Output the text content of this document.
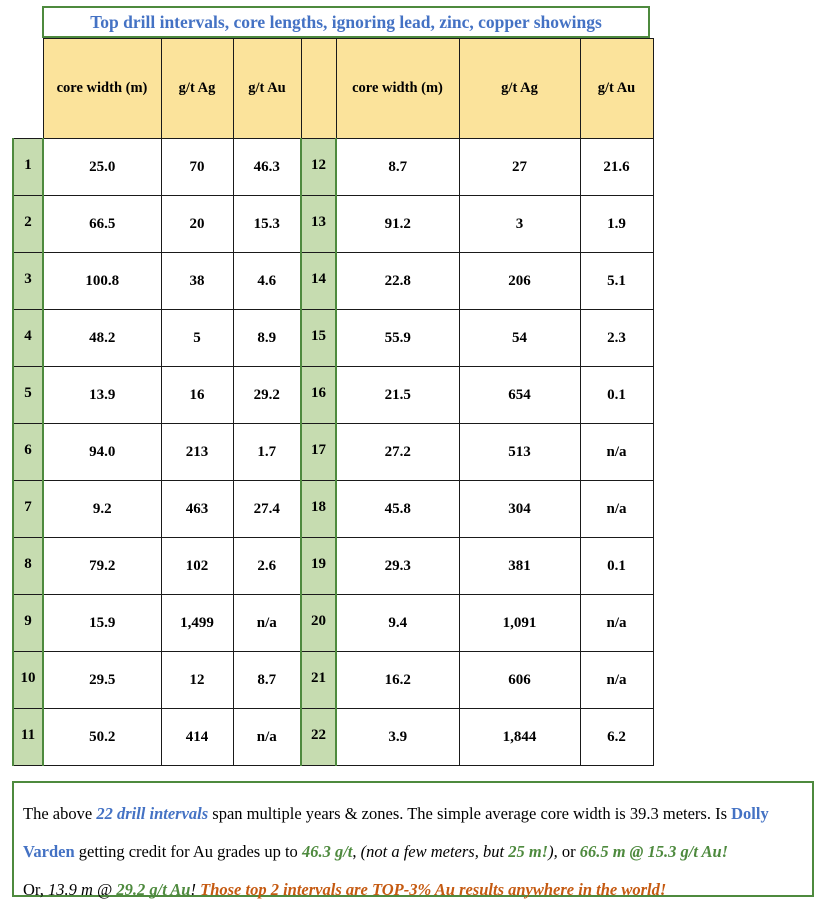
Top drill intervals, core lengths, ignoring lead, zinc, copper showings
	core width (m)	g/t Ag	g/t Au		core width (m)	g/t Ag	g/t Au
1	25.0	70	46.3	12	8.7	27	21.6
2	66.5	20	15.3	13	91.2	3	1.9
3	100.8	38	4.6	14	22.8	206	5.1
4	48.2	5	8.9	15	55.9	54	2.3
5	13.9	16	29.2	16	21.5	654	0.1
6	94.0	213	1.7	17	27.2	513	n/a
7	9.2	463	27.4	18	45.8	304	n/a
8	79.2	102	2.6	19	29.3	381	0.1
9	15.9	1,499	n/a	20	9.4	1,091	n/a
10	29.5	12	8.7	21	16.2	606	n/a
11	50.2	414	n/a	22	3.9	1,844	6.2
The above 22 drill intervals span multiple years & zones. The simple average core width is 39.3 meters. Is Dolly Varden getting credit for Au grades up to 46.3 g/t, (not a few meters, but 25 m!), or 66.5 m @ 15.3 g/t Au!
Or, 13.9 m @ 29.2 g/t Au! Those top 2 intervals are TOP-3% Au results anywhere in the world!
